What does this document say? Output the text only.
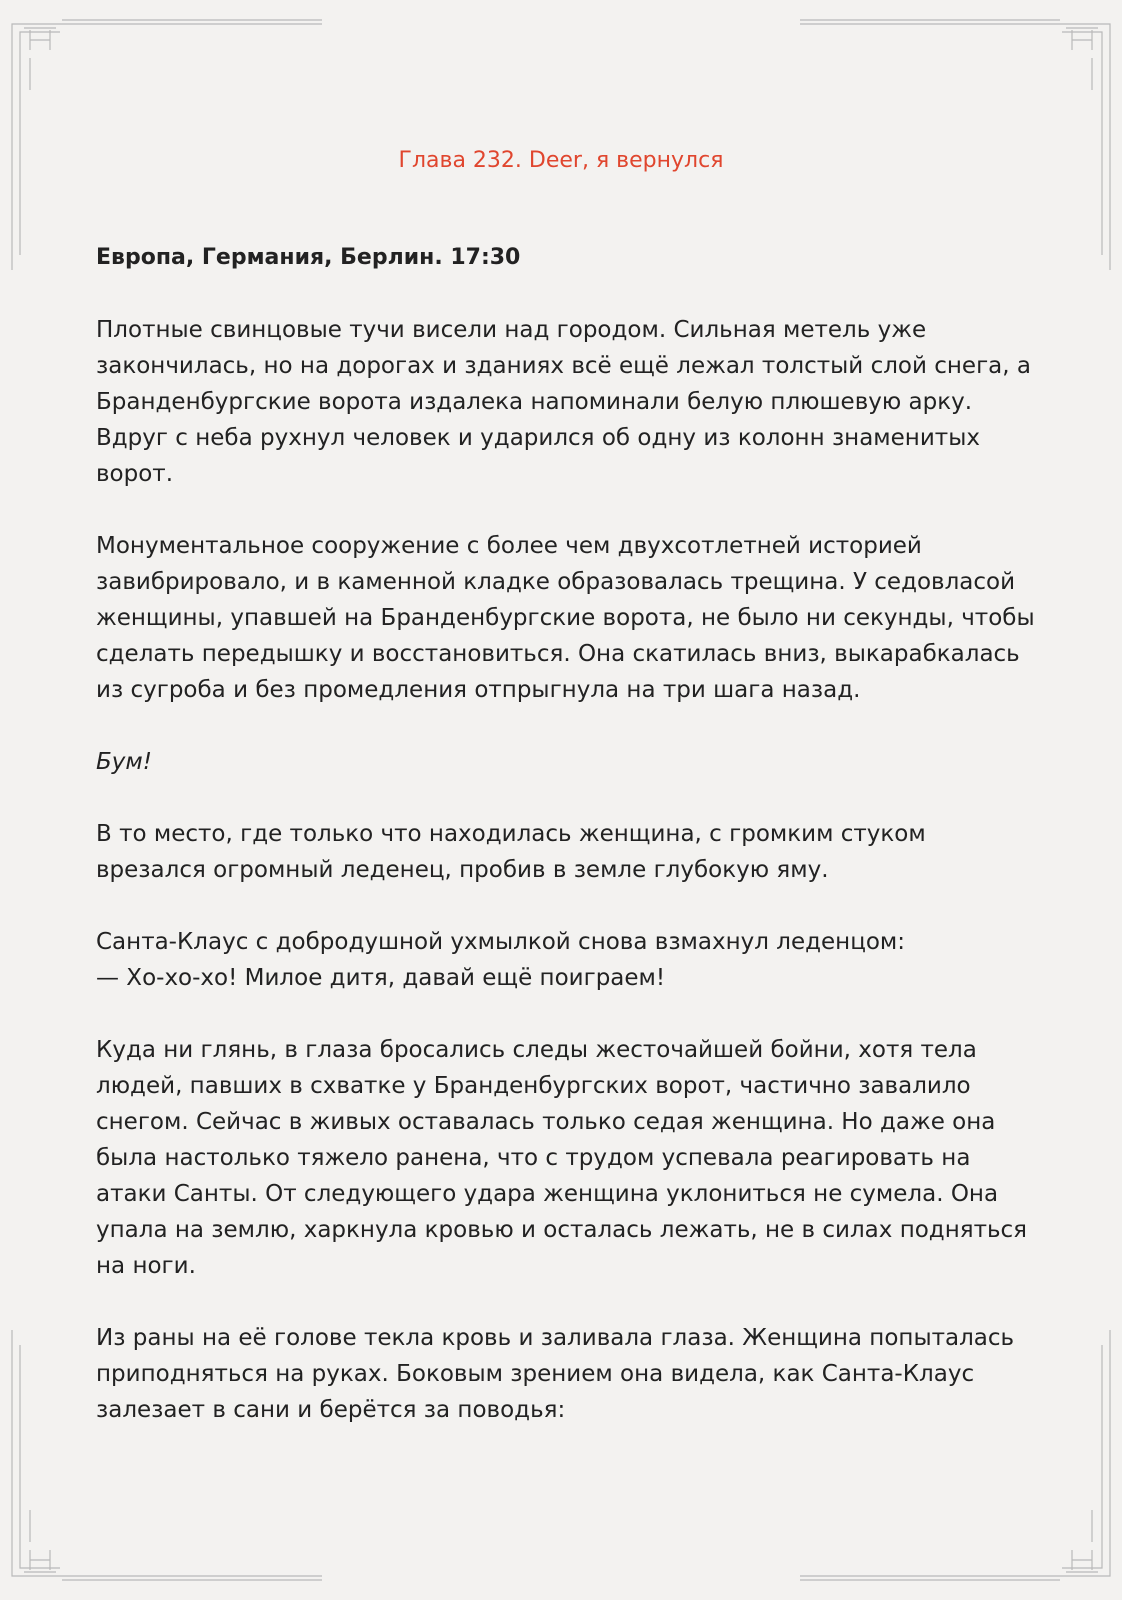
Глава 232. Deer, я вернулся

Европа, Германия, Берлин. 17:30

Плотные свинцовые тучи висели над городом. Сильная метель уже закончилась, но на дорогах и зданиях всё ещё лежал толстый слой снега, а Бранденбургские ворота издалека напоминали белую плюшевую арку. Вдруг с неба рухнул человек и ударился об одну из колонн знаменитых ворот.

Монументальное сооружение с более чем двухсотлетней историей завибрировало, и в каменной кладке образовалась трещина. У седовласой женщины, упавшей на Бранденбургские ворота, не было ни секунды, чтобы сделать передышку и восстановиться. Она скатилась вниз, выкарабкалась из сугроба и без промедления отпрыгнула на три шага назад.

Бум!

В то место, где только что находилась женщина, с громким стуком врезался огромный леденец, пробив в земле глубокую яму.

Санта-Клаус с добродушной ухмылкой снова взмахнул леденцом:
— Хо-хо-хо! Милое дитя, давай ещё поиграем!

Куда ни глянь, в глаза бросались следы жесточайшей бойни, хотя тела людей, павших в схватке у Бранденбургских ворот, частично завалило снегом. Сейчас в живых оставалась только седая женщина. Но даже она была настолько тяжело ранена, что с трудом успевала реагировать на атаки Санты. От следующего удара женщина уклониться не сумела. Она упала на землю, харкнула кровью и осталась лежать, не в силах подняться на ноги.

Из раны на её голове текла кровь и заливала глаза. Женщина попыталась приподняться на руках. Боковым зрением она видела, как Санта-Клаус залезает в сани и берётся за поводья:
